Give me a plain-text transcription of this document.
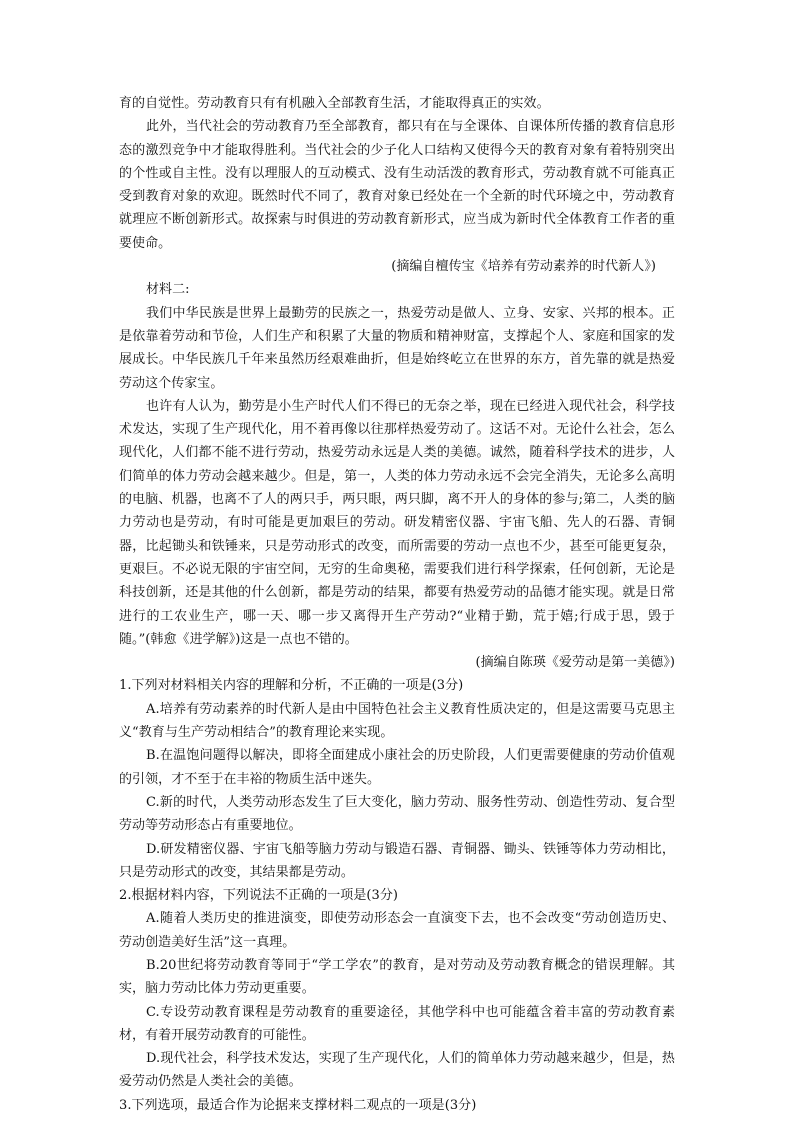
育的自觉性。劳动教育只有有机融入全部教育生活，才能取得真正的实效。

此外，当代社会的劳动教育乃至全部教育，都只有在与全课体、自课体所传播的教育信息形态的激烈竞争中才能取得胜利。当代社会的少子化人口结构又使得今天的教育对象有着特别突出的个性或自主性。没有以理服人的互动模式、没有生动活泼的教育形式，劳动教育就不可能真正受到教育对象的欢迎。既然时代不同了，教育对象已经处在一个全新的时代环境之中，劳动教育就理应不断创新形式。故探索与时俱进的劳动教育新形式，应当成为新时代全体教育工作者的重要使命。

(摘编自檀传宝《培养有劳动素养的时代新人》)

材料二:

我们中华民族是世界上最勤劳的民族之一，热爱劳动是做人、立身、安家、兴邦的根本。正是依靠着劳动和节俭，人们生产和积累了大量的物质和精神财富，支撑起个人、家庭和国家的发展成长。中华民族几千年来虽然历经艰难曲折，但是始终屹立在世界的东方，首先靠的就是热爱劳动这个传家宝。

也许有人认为，勤劳是小生产时代人们不得已的无奈之举，现在已经进入现代社会，科学技术发达，实现了生产现代化，用不着再像以往那样热爱劳动了。这话不对。无论什么社会，怎么现代化，人们都不能不进行劳动，热爱劳动永远是人类的美德。诚然，随着科学技术的进步，人们简单的体力劳动会越来越少。但是，第一，人类的体力劳动永远不会完全消失，无论多么高明的电脑、机器，也离不了人的两只手，两只眼，两只脚，离不开人的身体的参与;第二，人类的脑力劳动也是劳动，有时可能是更加艰巨的劳动。研发精密仪器、宇宙飞船、先人的石器、青铜器，比起锄头和铁锤来，只是劳动形式的改变，而所需要的劳动一点也不少，甚至可能更复杂，更艰巨。不必说无限的宇宙空间，无穷的生命奥秘，需要我们进行科学探索，任何创新，无论是科技创新，还是其他的什么创新，都是劳动的结果，都要有热爱劳动的品德才能实现。就是日常进行的工农业生产，哪一天、哪一步又离得开生产劳动?“业精于勤，荒于嬉;行成于思，毁于随。”(韩愈《进学解》)这是一点也不错的。

(摘编自陈瑛《爱劳动是第一美德》)

1.下列对材料相关内容的理解和分析，不正确的一项是(3分)

A.培养有劳动素养的时代新人是由中国特色社会主义教育性质决定的，但是这需要马克思主义“教育与生产劳动相结合”的教育理论来实现。

B.在温饱问题得以解决，即将全面建成小康社会的历史阶段，人们更需要健康的劳动价值观的引领，才不至于在丰裕的物质生活中迷失。

C.新的时代，人类劳动形态发生了巨大变化，脑力劳动、服务性劳动、创造性劳动、复合型劳动等劳动形态占有重要地位。

D.研发精密仪器、宇宙飞船等脑力劳动与锻造石器、青铜器、锄头、铁锤等体力劳动相比，只是劳动形式的改变，其结果都是劳动。

2.根据材料内容，下列说法不正确的一项是(3分)

A.随着人类历史的推进演变，即使劳动形态会一直演变下去，也不会改变“劳动创造历史、劳动创造美好生活”这一真理。

B.20世纪将劳动教育等同于“学工学农”的教育，是对劳动及劳动教育概念的错误理解。其实，脑力劳动比体力劳动更重要。

C.专设劳动教育课程是劳动教育的重要途径，其他学科中也可能蕴含着丰富的劳动教育素材，有着开展劳动教育的可能性。

D.现代社会，科学技术发达，实现了生产现代化，人们的简单体力劳动越来越少，但是，热爱劳动仍然是人类社会的美德。

3.下列选项，最适合作为论据来支撑材料二观点的一项是(3分)
